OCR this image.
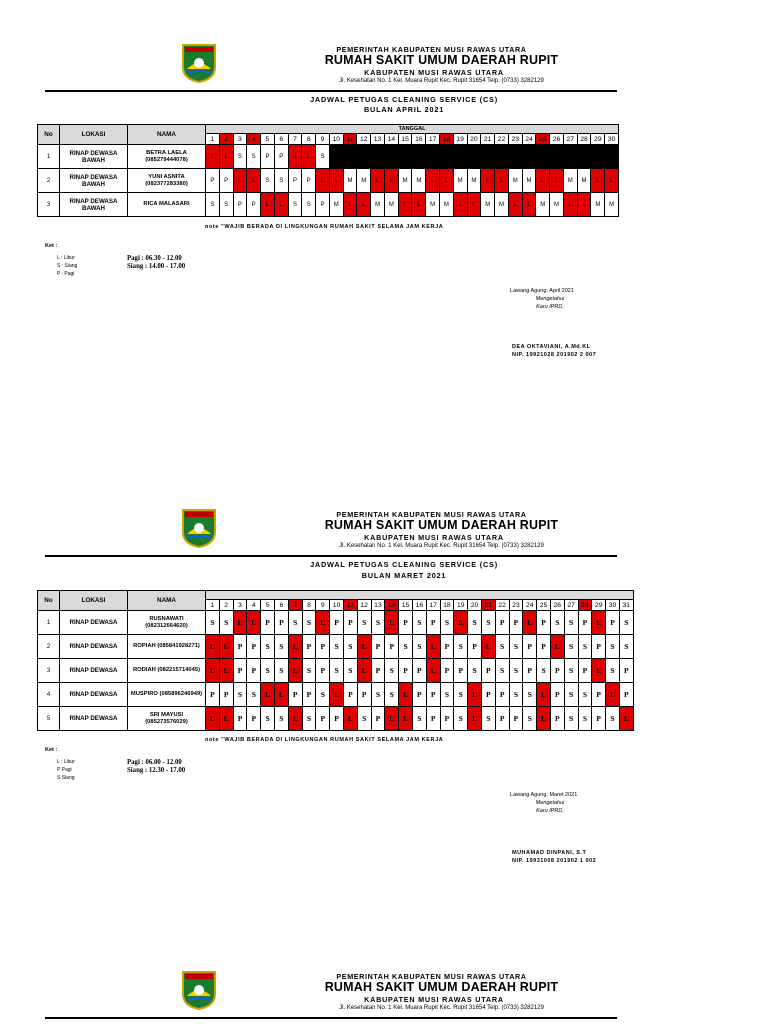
PEMERINTAH KABUPATEN MUSI RAWAS UTARA
RUMAH SAKIT UMUM DAERAH RUPIT
KABUPATEN MUSI RAWAS UTARA
Jl. Kesehatan No. 1 Kel. Muara Rupit Kec. Rupit 31654 Telp. (0733) 3282129
JADWAL PETUGAS CLEANING SERVICE (CS)
BULAN APRIL 2021
No	LOKASI	NAMA	TANGGAL																													
			1	2	3	4	5	6	7	8	9	10	11	12	13	14	15	16	17	18	19	20	21	22	23	24	25	26	27	28	29	30
1	RINAP DEWASA BAWAH	BETRA LAELA (085279444078)	L	L	S	S	P	P	L	L	S																					
2	RINAP DEWASA BAWAH	YUNI ASNITA (082377283380)	P	P	L	L	S	S	P	P	L	L	M	M	L	L	M	M	L	L	M	M	L	L	M	M	L	L	M	M	L	L
3	RINAP DEWASA BAWAH	RICA MALASARI	S	S	P	P	L	L	S	S	P	M	L	L	M	M	L	L	M	M	L	L	M	M	L	L	M	M	L	L	M	M
note "WAJIB BERADA DI LINGKUNGAN RUMAH SAKIT SELAMA JAM KERJA
Ket :
L : Libur
S : Siang
P : Pagi
Pagi : 06.30 - 12.00
Siang : 14.00 - 17.00
Lawang Agung, April 2021
Mengetahui
Karu IPRD,
DEA OKTAVIANI, A.Md.KL
NIP. 19921028 201902 2 007
PEMERINTAH KABUPATEN MUSI RAWAS UTARA
RUMAH SAKIT UMUM DAERAH RUPIT
KABUPATEN MUSI RAWAS UTARA
Jl. Kesehatan No. 1 Kel. Muara Rupit Kec. Rupit 31654 Telp. (0733) 3282129
JADWAL PETUGAS CLEANING SERVICE (CS)
BULAN MARET 2021
No	LOKASI	NAMA																															
			1	2	3	4	5	6	7	8	9	10	11	12	13	14	15	16	17	18	19	20	21	22	23	24	25	26	27	28	29	30	31
1	RINAP DEWASA	RUSNAWATI (082312664620)	S	S	L	L	P	P	S	S	L	P	P	S	S	L	P	S	P	S	L	S	S	P	P	L	P	S	S	P	L	P	S
2	RINAP DEWASA	ROPIAH (085841928271)	L	L	P	P	S	S	L	P	P	S	S	L	P	P	S	S	L	P	S	P	L	S	S	P	P	L	S	S	P	S	S
3	RINAP DEWASA	RODIAH (082215714045)	L	L	P	P	S	S	L	S	P	S	S	L	P	S	P	P	L	P	P	S	P	S	S	P	S	P	S	P	L	S	P
4	RINAP DEWASA	MUSPIRO (085896246949)	P	P	S	S	L	L	P	P	S	L	P	P	S	S	L	P	P	S	S	L	P	P	S	S	L	P	S	S	P	L	P
5	RINAP DEWASA	SRI MAYUSI (085273576029)	L	L	P	P	S	S	L	S	P	P	L	S	P	L	L	S	P	P	S	L	S	P	P	S	L	P	S	S	P	S	L
note "WAJIB BERADA DI LINGKUNGAN RUMAH SAKIT SELAMA JAM KERJA
Ket :
L : Libur
P Pagi
S Siang
Pagi : 06.00 - 12.00
Siang : 12.30 - 17.00
Lawang Agung, Maret 2021
Mengetahui
Karu IPRD,
MUHAMAD DINPANI, S.T
NIP. 19931008 201902 1 002
PEMERINTAH KABUPATEN MUSI RAWAS UTARA
RUMAH SAKIT UMUM DAERAH RUPIT
KABUPATEN MUSI RAWAS UTARA
Jl. Kesehatan No. 1 Kel. Muara Rupit Kec. Rupit 31654 Telp. (0733) 3282129
